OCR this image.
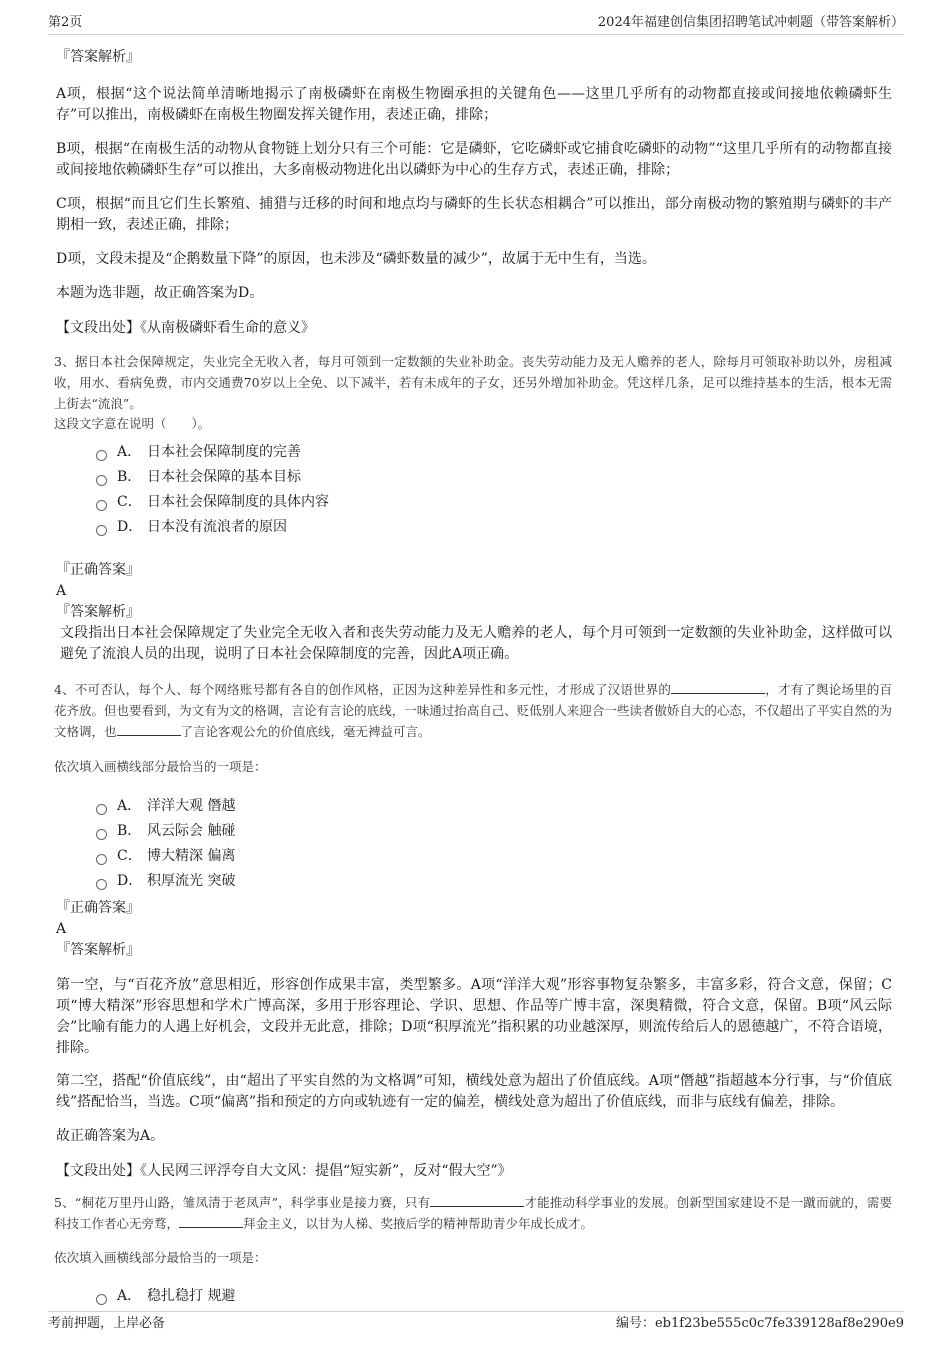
第2页	2024年福建创信集团招聘笔试冲刺题（带答案解析）

『答案解析』

A项，根据“这个说法简单清晰地揭示了南极磷虾在南极生物圈承担的关键角色——这里几乎所有的动物都直接或间接地依赖磷虾生存”可以推出，南极磷虾在南极生物圈发挥关键作用，表述正确，排除；

B项，根据“在南极生活的动物从食物链上划分只有三个可能：它是磷虾，它吃磷虾或它捕食吃磷虾的动物”“这里几乎所有的动物都直接或间接地依赖磷虾生存”可以推出，大多南极动物进化出以磷虾为中心的生存方式，表述正确，排除；

C项，根据“而且它们生长繁殖、捕猎与迁移的时间和地点均与磷虾的生长状态相耦合”可以推出，部分南极动物的繁殖期与磷虾的丰产期相一致，表述正确，排除；

D项，文段未提及“企鹅数量下降”的原因，也未涉及“磷虾数量的减少”，故属于无中生有，当选。

本题为选非题，故正确答案为D。

【文段出处】《从南极磷虾看生命的意义》

3、据日本社会保障规定，失业完全无收入者，每月可领到一定数额的失业补助金。丧失劳动能力及无人赡养的老人，除每月可领取补助以外，房租减收，用水、看病免费，市内交通费70岁以上全免、以下减半，若有未成年的子女，还另外增加补助金。凭这样几条，足可以维持基本的生活，根本无需上街去“流浪”。

这段文字意在说明（　　）。

A． 日本社会保障制度的完善
B． 日本社会保障的基本目标
C． 日本社会保障制度的具体内容
D． 日本没有流浪者的原因

『正确答案』

A

『答案解析』

文段指出日本社会保障规定了失业完全无收入者和丧失劳动能力及无人赡养的老人，每个月可领到一定数额的失业补助金，这样做可以避免了流浪人员的出现，说明了日本社会保障制度的完善，因此A项正确。

4、不可否认，每个人、每个网络账号都有各自的创作风格，正因为这种差异性和多元性，才形成了汉语世界的	，才有了舆论场里的百花齐放。但也要看到，为文有为文的格调，言论有言论的底线，一味通过抬高自己、贬低别人来迎合一些读者傲娇自大的心态，不仅超出了平实自然的为文格调，也	了言论客观公允的价值底线，毫无裨益可言。

依次填入画横线部分最恰当的一项是：

A． 洋洋大观 僭越
B． 风云际会 触碰
C． 博大精深 偏离
D． 积厚流光 突破

『正确答案』

A

『答案解析』

第一空，与“百花齐放”意思相近，形容创作成果丰富，类型繁多。A项“洋洋大观”形容事物复杂繁多，丰富多彩，符合文意，保留；C项“博大精深”形容思想和学术广博高深，多用于形容理论、学识、思想、作品等广博丰富，深奥精微，符合文意，保留。B项“风云际会”比喻有能力的人遇上好机会，文段并无此意，排除；D项“积厚流光”指积累的功业越深厚，则流传给后人的恩德越广，不符合语境，排除。

第二空，搭配“价值底线”，由“超出了平实自然的为文格调”可知，横线处意为超出了价值底线。A项“僭越”指超越本分行事，与“价值底线”搭配恰当，当选。C项“偏离”指和预定的方向或轨迹有一定的偏差，横线处意为超出了价值底线，而非与底线有偏差，排除。

故正确答案为A。

【文段出处】《人民网三评浮夸自大文风：提倡“短实新”，反对“假大空”》

5、“桐花万里丹山路，雏凤清于老凤声”，科学事业是接力赛，只有	才能推动科学事业的发展。创新型国家建设不是一蹴而就的，需要科技工作者心无旁骛，	拜金主义，以甘为人梯、奖掖后学的精神帮助青少年成长成才。

依次填入画横线部分最恰当的一项是：

A． 稳扎稳打 规避
考前押题，上岸必备	编号：eb1f23be555c0c7fe339128af8e290e9
